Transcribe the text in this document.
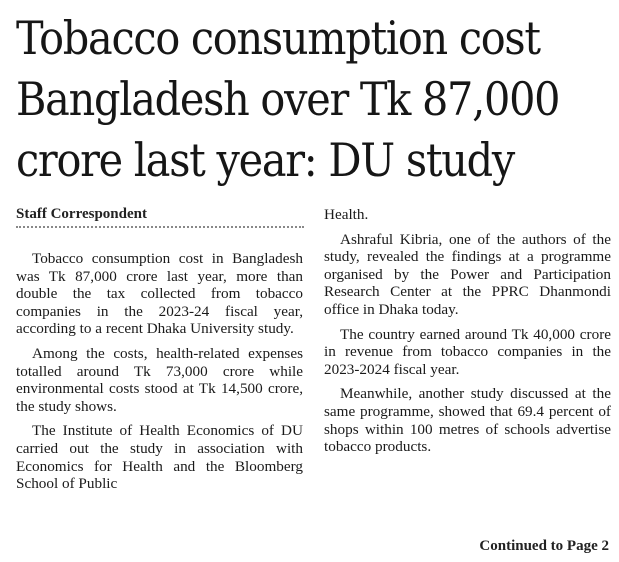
Tobacco consumption cost
Bangladesh over Tk 87,000
crore last year: DU study
Staff Correspondent

Tobacco consumption cost in Bangladesh was Tk 87,000 crore last year, more than double the tax collected from tobacco companies in the 2023-24 fiscal year, according to a recent Dhaka University study.

Among the costs, health-related expenses totalled around Tk 73,000 crore while environmental costs stood at Tk 14,500 crore, the study shows.

The Institute of Health Economics of DU carried out the study in association with Economics for Health and the Bloomberg School of Public

Health.

Ashraful Kibria, one of the authors of the study, revealed the findings at a programme organised by the Power and Participation Research Center at the PPRC Dhanmondi office in Dhaka today.

The country earned around Tk 40,000 crore in revenue from tobacco companies in the 2023-2024 fiscal year.

Meanwhile, another study discussed at the same programme, showed that 69.4 percent of shops within 100 metres of schools advertise tobacco products.

Continued to Page 2
